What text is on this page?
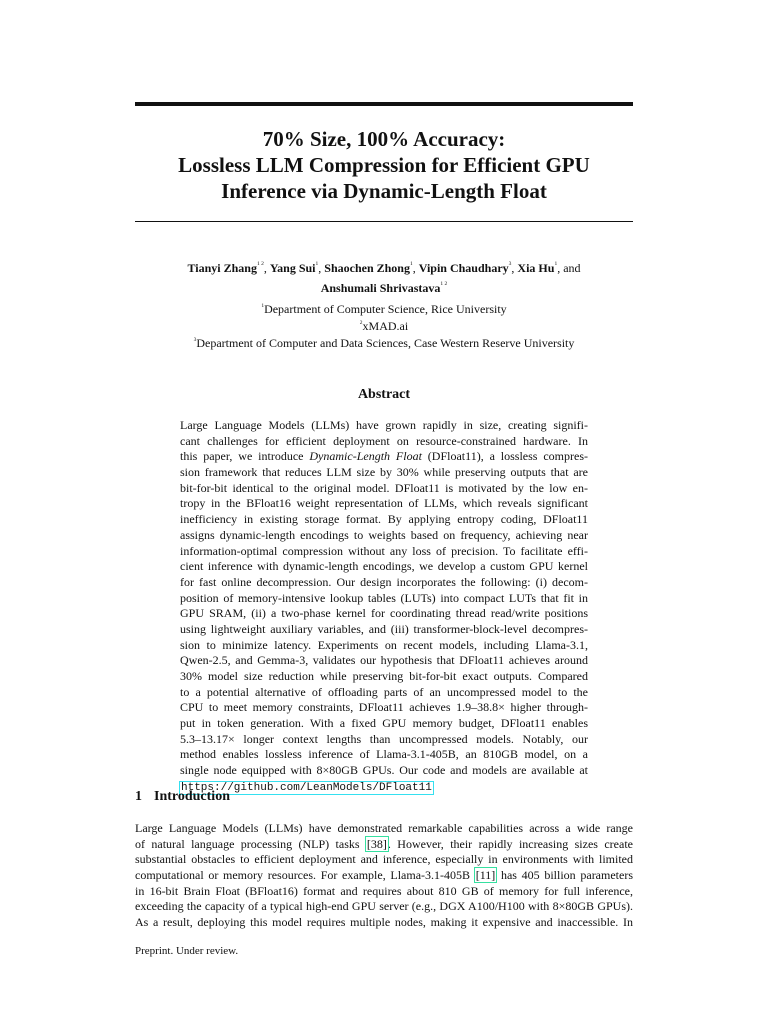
70% Size, 100% Accuracy:
Lossless LLM Compression for Efficient GPU
Inference via Dynamic-Length Float
Tianyi Zhang$^{1 2}$, Yang Sui$^1$, Shaochen Zhong$^1$, Vipin Chaudhary$^3$, Xia Hu$^1$, and
Anshumali Shrivastava$^{1 2}$
$^1$Department of Computer Science, Rice University
$^2$xMAD.ai
$^3$Department of Computer and Data Sciences, Case Western Reserve University
Abstract
Large Language Models (LLMs) have grown rapidly in size, creating signifi-
cant challenges for efficient deployment on resource-constrained hardware. In
this paper, we introduce Dynamic-Length Float (DFloat11), a lossless compres-
sion framework that reduces LLM size by 30% while preserving outputs that are
bit-for-bit identical to the original model. DFloat11 is motivated by the low en-
tropy in the BFloat16 weight representation of LLMs, which reveals significant
inefficiency in existing storage format. By applying entropy coding, DFloat11
assigns dynamic-length encodings to weights based on frequency, achieving near
information-optimal compression without any loss of precision. To facilitate effi-
cient inference with dynamic-length encodings, we develop a custom GPU kernel
for fast online decompression. Our design incorporates the following: (i) decom-
position of memory-intensive lookup tables (LUTs) into compact LUTs that fit in
GPU SRAM, (ii) a two-phase kernel for coordinating thread read/write positions
using lightweight auxiliary variables, and (iii) transformer-block-level decompres-
sion to minimize latency. Experiments on recent models, including Llama-3.1,
Qwen-2.5, and Gemma-3, validates our hypothesis that DFloat11 achieves around
30% model size reduction while preserving bit-for-bit exact outputs. Compared
to a potential alternative of offloading parts of an uncompressed model to the
CPU to meet memory constraints, DFloat11 achieves 1.9–38.8× higher through-
put in token generation. With a fixed GPU memory budget, DFloat11 enables
5.3–13.17× longer context lengths than uncompressed models. Notably, our
method enables lossless inference of Llama-3.1-405B, an 810GB model, on a
single node equipped with 8×80GB GPUs. Our code and models are available at
https://github.com/LeanModels/DFloat11
1 Introduction
Large Language Models (LLMs) have demonstrated remarkable capabilities across a wide range
of natural language processing (NLP) tasks [38]. However, their rapidly increasing sizes create
substantial obstacles to efficient deployment and inference, especially in environments with limited
computational or memory resources. For example, Llama-3.1-405B [11] has 405 billion parameters
in 16-bit Brain Float (BFloat16) format and requires about 810 GB of memory for full inference,
exceeding the capacity of a typical high-end GPU server (e.g., DGX A100/H100 with 8×80GB GPUs).
As a result, deploying this model requires multiple nodes, making it expensive and inaccessible. In
Preprint. Under review.
